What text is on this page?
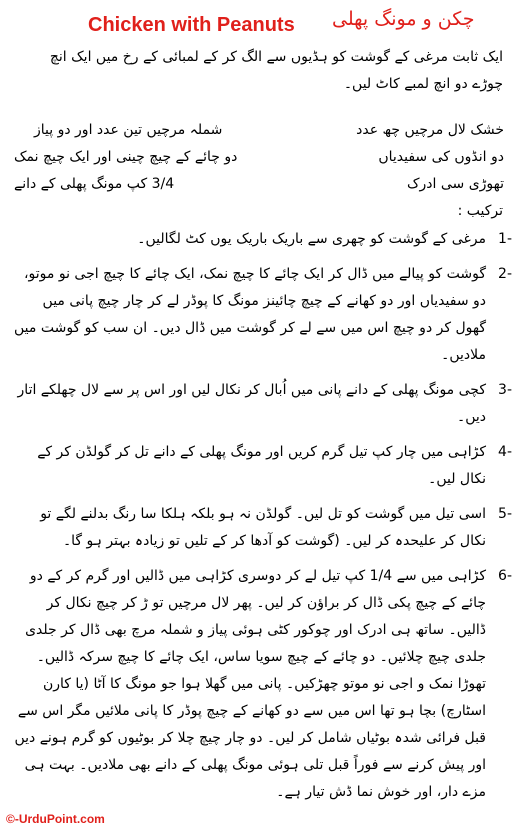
Chicken with Peanuts چکن و مونگ پھلی
ایک ثابت مرغی کے گوشت کو ہڈیوں سے الگ کر کے لمبائی کے رخ میں ایک انچ چوڑے دو انچ لمبے کاٹ لیں۔
خشک لال مرچیں چھ عدد
شملہ مرچیں تین عدد اور دو پیاز
دو انڈوں کی سفیدیاں
دو چائے کے چیچ چینی اور ایک چیچ نمک
تھوڑی سی ادرک
3/4 کپ مونگ پھلی کے دانے
ترکیب :
1-
مرغی کے گوشت کو چھری سے باریک باریک یوں کٹ لگالیں۔
2-
گوشت کو پیالے میں ڈال کر ایک چائے کا چیچ نمک، ایک چائے کا چیچ اجی نو موتو، دو سفیدیاں اور دو کھانے کے چیچ چائینز مونگ کا پوڈر لے کر چار چیچ پانی میں گھول کر دو چیچ اس میں سے لے کر گوشت میں ڈال دیں۔ ان سب کو گوشت میں ملادیں۔
3-
کچی مونگ پھلی کے دانے پانی میں اُبال کر نکال لیں اور اس پر سے لال چھلکے اتار دیں۔
4-
کڑاہی میں چار کپ تیل گرم کریں اور مونگ پھلی کے دانے تل کر گولڈن کر کے نکال لیں۔
5-
اسی تیل میں گوشت کو تل لیں۔ گولڈن نہ ہو بلکہ ہلکا سا رنگ بدلنے لگے تو نکال کر علیحدہ کر لیں۔ (گوشت کو آدھا کر کے تلیں تو زیادہ بہتر ہو گا۔
6-
کڑاہی میں سے 1/4 کپ تیل لے کر دوسری کڑاہی میں ڈالیں اور گرم کر کے دو چائے کے چیچ پکی ڈال کر براؤن کر لیں۔ پھر لال مرچیں تو ڑ کر چیچ نکال کر ڈالیں۔ ساتھ ہی ادرک اور چوکور کٹی ہوئی پیاز و شملہ مرچ بھی ڈال کر جلدی جلدی چیچ چلائیں۔ دو چائے کے چیچ سویا ساس، ایک چائے کا چیچ سرکہ ڈالیں۔ تھوڑا نمک و اجی نو موتو چھڑکیں۔ پانی میں گھلا ہوا جو مونگ کا آٹا (یا کارن اسٹارچ) بچا ہو تھا اس میں سے دو کھانے کے چیچ پوڈر کا پانی ملائیں مگر اس سے قبل فرائی شدہ بوٹیاں شامل کر لیں۔ دو چار چیچ چلا کر بوٹیوں کو گرم ہونے دیں اور پیش کرنے سے فوراً قبل تلی ہوئی مونگ پھلی کے دانے بھی ملادیں۔ بہت ہی مزے دار، اور خوش نما ڈش تیار ہے۔
©-UrduPoint.com
